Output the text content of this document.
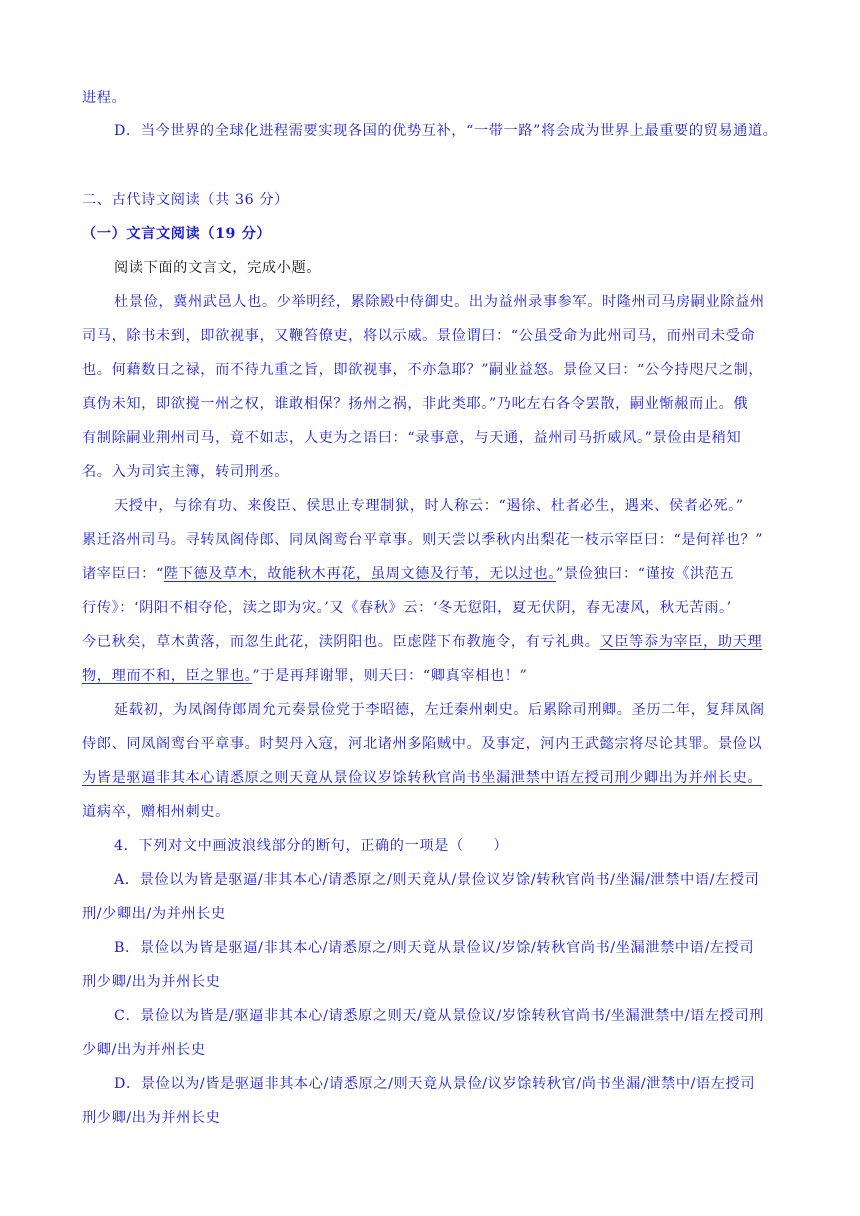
进程。

D．当今世界的全球化进程需要实现各国的优势互补，“一带一路”将会成为世界上最重要的贸易通道。

二、古代诗文阅读（共 36 分）

（一）文言文阅读（19 分）

阅读下面的文言文，完成小题。

杜景俭，冀州武邑人也。少举明经，累除殿中侍御史。出为益州录事参军。时隆州司马房嗣业除益州

司马，除书未到，即欲视事，又鞭笞僚吏，将以示威。景俭谓曰：“公虽受命为此州司马，而州司未受命

也。何藉数日之禄，而不待九重之旨，即欲视事，不亦急耶？”嗣业益怒。景俭又曰：“公今持咫尺之制，

真伪未知，即欲搅一州之权，谁敢相保？扬州之祸，非此类耶。”乃叱左右各令罢散，嗣业惭赧而止。俄

有制除嗣业荆州司马，竟不如志，人吏为之语曰：“录事意，与天通，益州司马折威风。”景俭由是稍知

名。入为司宾主簿，转司刑丞。

天授中，与徐有功、来俊臣、侯思止专理制狱，时人称云：“遏徐、杜者必生，遇来、侯者必死。”

累迁洛州司马。寻转凤阁侍郎、同凤阁鸾台平章事。则天尝以季秋内出梨花一枝示宰臣曰：“是何祥也？”

诸宰臣曰：“陛下德及草木，故能秋木再花，虽周文德及行苇，无以过也。”景俭独曰：“谨按《洪范五

行传》：‘阴阳不相夺伦，渎之即为灾。’又《春秋》云：‘冬无愆阳，夏无伏阴，春无凄风，秋无苦雨。’

今已秋矣，草木黄落，而忽生此花，渎阴阳也。臣虑陛下布教施令，有亏礼典。又臣等忝为宰臣，助天理

物，理而不和，臣之罪也。”于是再拜谢罪，则天曰：“卿真宰相也！”

延载初，为凤阁侍郎周允元奏景俭党于李昭德，左迁秦州刺史。后累除司刑卿。圣历二年，复拜凤阁

侍郎、同凤阁鸾台平章事。时契丹入寇，河北诸州多陷贼中。及事定，河内王武懿宗将尽论其罪。景俭以

为皆是驱逼非其本心请悉原之则天竟从景俭议岁馀转秋官尚书坐漏泄禁中语左授司刑少卿出为并州长史。

道病卒，赠相州刺史。

4．下列对文中画波浪线部分的断句，正确的一项是（　　）

A．景俭以为皆是驱逼/非其本心/请悉原之/则天竟从/景俭议岁馀/转秋官尚书/坐漏/泄禁中语/左授司

刑/少卿出/为并州长史

B．景俭以为皆是驱逼/非其本心/请悉原之/则天竟从景俭议/岁馀/转秋官尚书/坐漏泄禁中语/左授司

刑少卿/出为并州长史

C．景俭以为皆是/驱逼非其本心/请悉原之则天/竟从景俭议/岁馀转秋官尚书/坐漏泄禁中/语左授司刑

少卿/出为并州长史

D．景俭以为/皆是驱逼非其本心/请悉原之/则天竟从景俭/议岁馀转秋官/尚书坐漏/泄禁中/语左授司

刑少卿/出为并州长史
